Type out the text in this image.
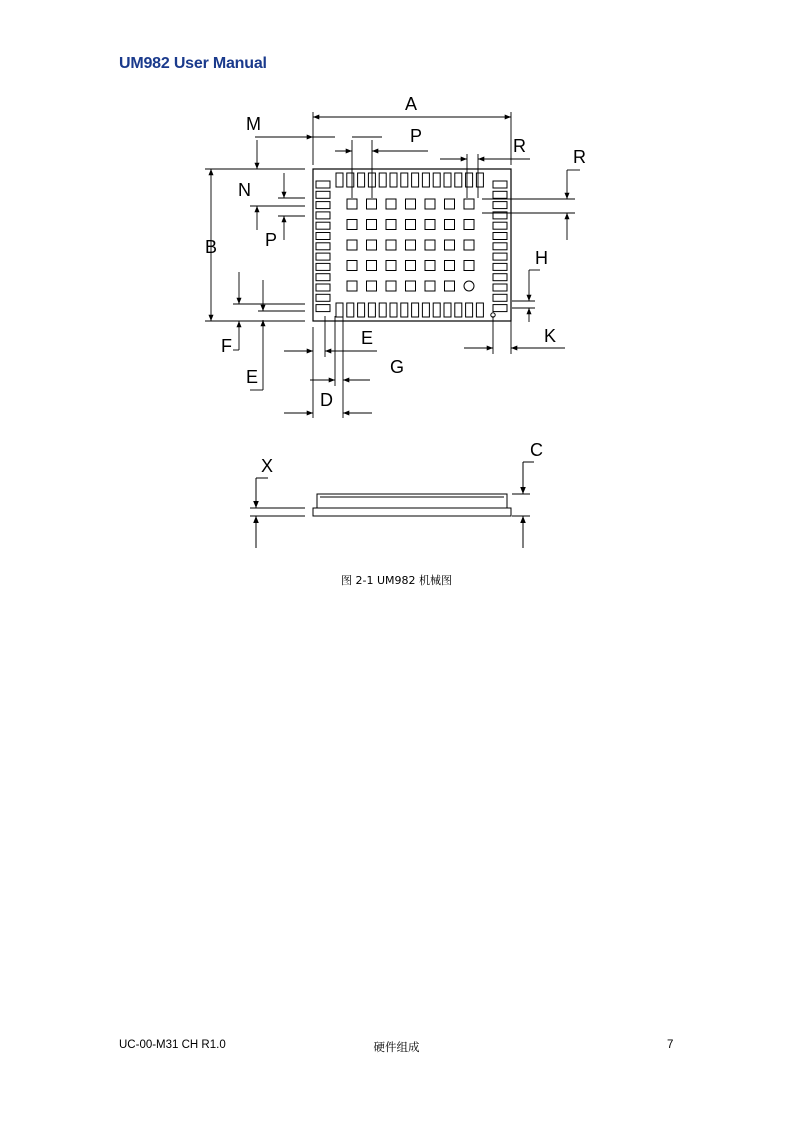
UM982 User Manual
A
B
C
D
E
E
F
G
H
K
M
N
P
P
R
R
X
图 2-1 UM982 机械图
UC-00-M31 CH R1.0	硬件组成	7
